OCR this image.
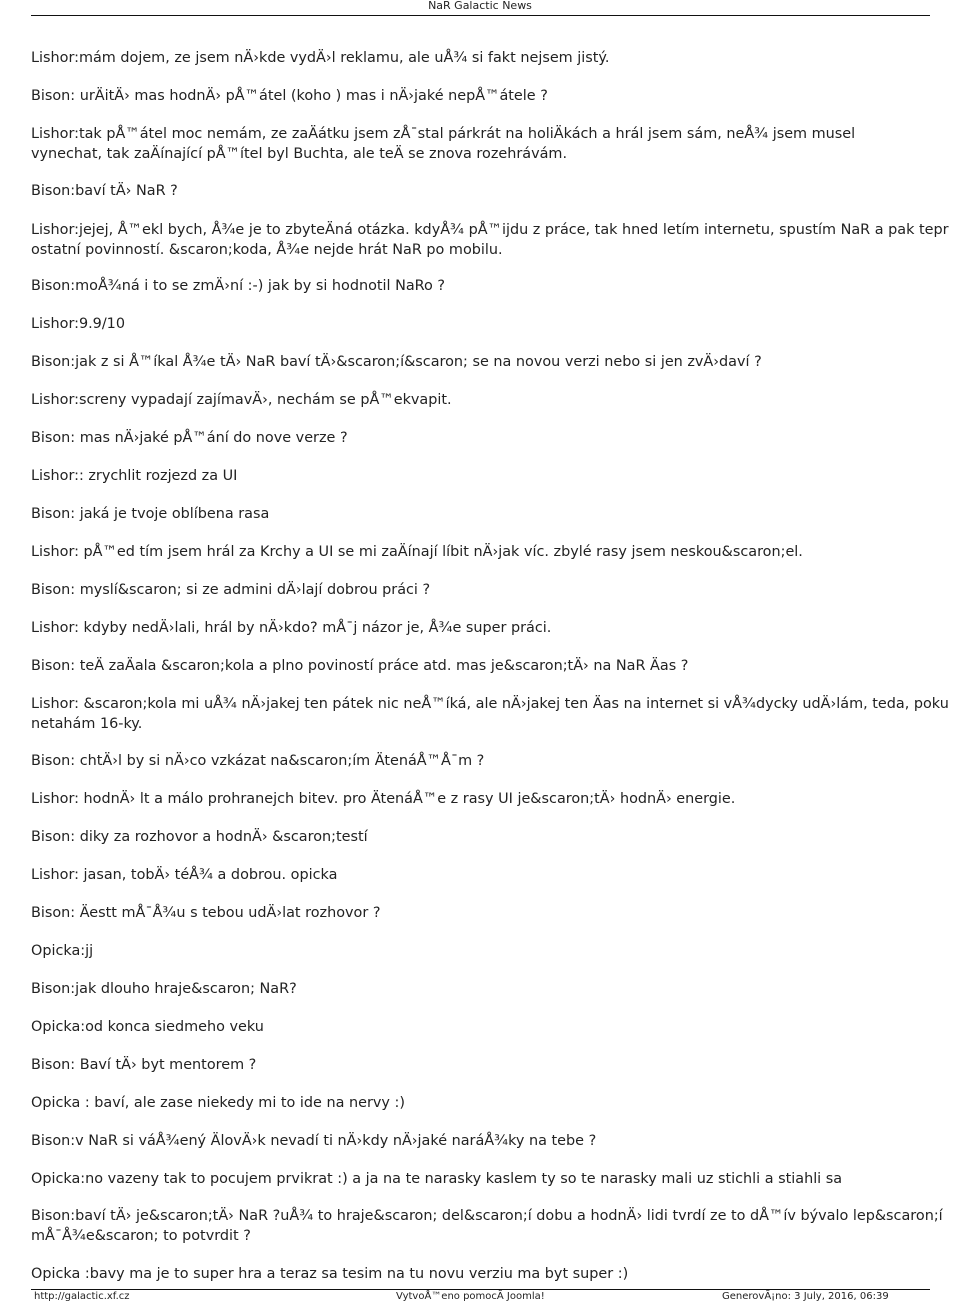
NaR Galactic News
Lishor:mám dojem, ze jsem nÄ›kde vydÄ›l reklamu, ale uÅ¾ si fakt nejsem jistý.
Bison: urÄitÄ› mas hodnÄ› pÅ™átel (koho ) mas i nÄ›jaké nepÅ™átele ?
Lishor:tak pÅ™átel moc nemám, ze zaÄátku jsem zÅ¯stal párkrát na holiÄkách a hrál jsem sám, neÅ¾ jsem musel
vynechat, tak zaÄínající pÅ™ítel byl Buchta, ale teÄ se znova rozehrávám.
Bison:baví tÄ› NaR ?
Lishor:jejej, Å™ekl bych, Å¾e je to zbyteÄná otázka. kdyÅ¾ pÅ™ijdu z práce, tak hned letím internetu, spustím NaR a pak tepr
ostatní povinností. &scaron;koda, Å¾e nejde hrát NaR po mobilu.
Bison:moÅ¾ná i to se zmÄ›ní :-) jak by si hodnotil NaRo ?
Lishor:9.9/10
Bison:jak z si Å™íkal Å¾e tÄ› NaR baví tÄ›&scaron;í&scaron; se na novou verzi nebo si jen zvÄ›daví ?
Lishor:screny vypadají zajímavÄ›, nechám se pÅ™ekvapit.
Bison: mas nÄ›jaké pÅ™ání do nove verze ?
Lishor:: zrychlit rozjezd za UI
Bison: jaká je tvoje oblíbena rasa
Lishor: pÅ™ed tím jsem hrál za Krchy a UI se mi zaÄínají líbit nÄ›jak víc. zbylé rasy jsem neskou&scaron;el.
Bison: myslí&scaron; si ze admini dÄ›lají dobrou práci ?
Lishor: kdyby nedÄ›lali, hrál by nÄ›kdo? mÅ¯j názor je, Å¾e super práci.
Bison: teÄ zaÄala &scaron;kola a plno poviností práce atd. mas je&scaron;tÄ› na NaR Äas ?
Lishor: &scaron;kola mi uÅ¾ nÄ›jakej ten pátek nic neÅ™íká, ale nÄ›jakej ten Äas na internet si vÅ¾dycky udÄ›lám, teda, poku
netahám 16-ky.
Bison: chtÄ›l by si nÄ›co vzkázat na&scaron;ím ÄtenáÅ™Å¯m ?
Lishor: hodnÄ› lt a málo prohranejch bitev. pro ÄtenáÅ™e z rasy UI je&scaron;tÄ› hodnÄ› energie.
Bison: diky za rozhovor a hodnÄ› &scaron;testí
Lishor: jasan, tobÄ› téÅ¾ a dobrou. opicka
Bison: Äestt mÅ¯Å¾u s tebou udÄ›lat rozhovor ?
Opicka:jj
Bison:jak dlouho hraje&scaron; NaR?
Opicka:od konca siedmeho veku
Bison: Baví tÄ› byt mentorem ?
Opicka : baví, ale zase niekedy mi to ide na nervy :)
Bison:v NaR si váÅ¾ený ÄlovÄ›k nevadí ti nÄ›kdy nÄ›jaké naráÅ¾ky na tebe ?
Opicka:no vazeny tak to pocujem prvikrat :) a ja na te narasky kaslem ty so te narasky mali uz stichli a stiahli sa
Bison:baví tÄ› je&scaron;tÄ› NaR ?uÅ¾ to hraje&scaron; del&scaron;í dobu a hodnÄ› lidi tvrdí ze to dÅ™ív bývalo lep&scaron;í
mÅ¯Å¾e&scaron; to potvrdit ?
Opicka :bavy ma je to super hra a teraz sa tesim na tu novu verziu ma byt super :)
http://galactic.xf.cz	VytvoÅ™eno pomocÃ Joomla!	GenerovÃ¡no: 3 July, 2016, 06:39
